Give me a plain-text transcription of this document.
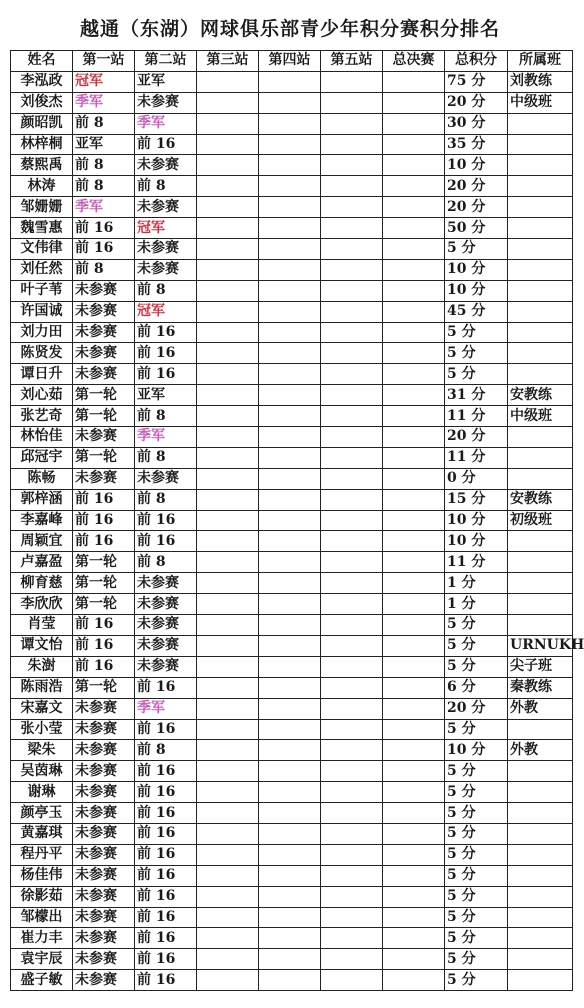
越通（东湖）网球俱乐部青少年积分赛积分排名
姓名	第一站	第二站	第三站	第四站	第五站	总决赛	总积分	所属班
李泓政	冠军	亚军					75 分	刘教练
刘俊杰	季军	未参赛					20 分	中级班
颜昭凯	前 8	季军					30 分	
林梓桐	亚军	前 16					35 分	
蔡熙禹	前 8	未参赛					10 分	
林涛	前 8	前 8					20 分	
邹姗姗	季军	未参赛					20 分	
魏雪惠	前 16	冠军					50 分	
文伟律	前 16	未参赛					5 分	
刘任然	前 8	未参赛					10 分	
叶子苇	未参赛	前 8					10 分	
许国诚	未参赛	冠军					45 分	
刘力田	未参赛	前 16					5 分	
陈贤发	未参赛	前 16					5 分	
谭日升	未参赛	前 16					5 分	
刘心茹	第一轮	亚军					31 分	安教练
张艺奇	第一轮	前 8					11 分	中级班
林怡佳	未参赛	季军					20 分	
邱冠宇	第一轮	前 8					11 分	
陈畅	未参赛	未参赛					0 分	
郭梓涵	前 16	前 8					15 分	安教练
李嘉峰	前 16	前 16					10 分	初级班
周颖宜	前 16	前 16					10 分	
卢嘉盈	第一轮	前 8					11 分	
柳育慈	第一轮	未参赛					1 分	
李欣欣	第一轮	未参赛					1 分	
肖莹	前 16	未参赛					5 分	
谭文怡	前 16	未参赛					5 分	URNUKH
朱澍	前 16	未参赛					5 分	尖子班
陈雨浩	第一轮	前 16					6 分	秦教练
宋嘉文	未参赛	季军					20 分	外教
张小莹	未参赛	前 16					5 分	
梁朱	未参赛	前 8					10 分	外教
吴茵琳	未参赛	前 16					5 分	
谢琳	未参赛	前 16					5 分	
颜亭玉	未参赛	前 16					5 分	
黄嘉琪	未参赛	前 16					5 分	
程丹平	未参赛	前 16					5 分	
杨佳伟	未参赛	前 16					5 分	
徐影茹	未参赛	前 16					5 分	
邹檬出	未参赛	前 16					5 分	
崔力丰	未参赛	前 16					5 分	
袁宇辰	未参赛	前 16					5 分	
盛子敏	未参赛	前 16					5 分	
